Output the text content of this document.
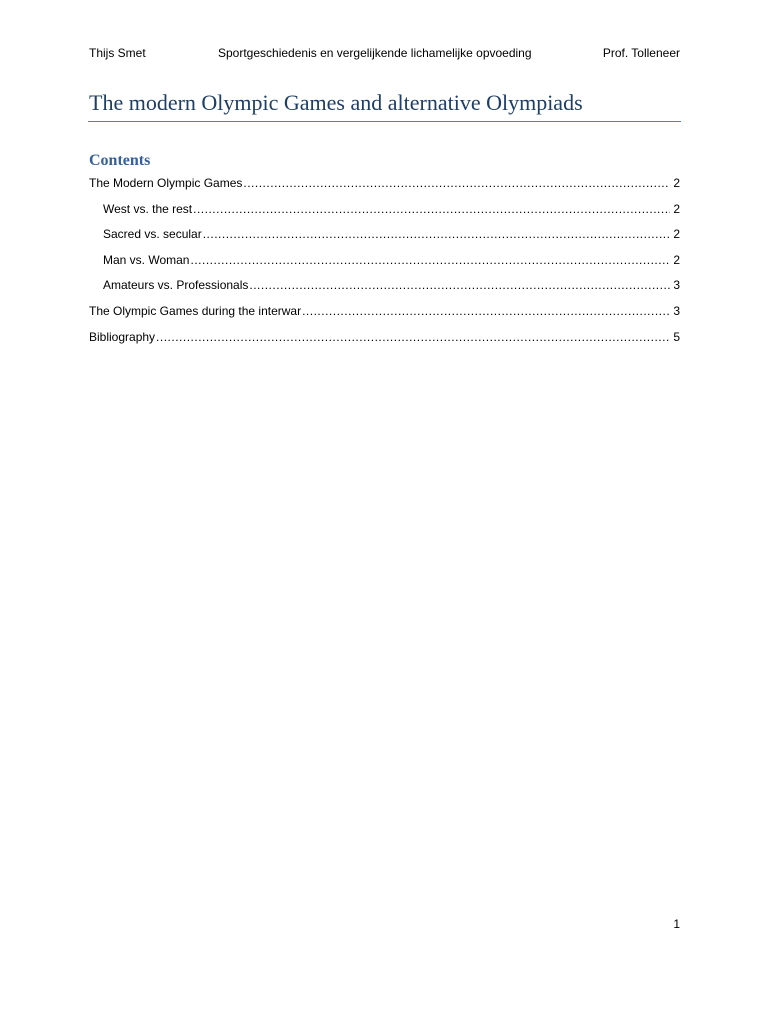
Thijs Smet	Sportgeschiedenis en vergelijkende lichamelijke opvoeding	Prof. Tolleneer
The modern Olympic Games and alternative Olympiads
Contents
The Modern Olympic Games .....	2
West vs. the rest .....	2
Sacred vs. secular .....	2
Man vs. Woman .....	2
Amateurs vs. Professionals .....	3
The Olympic Games during the interwar .....	3
Bibliography .....	5
1
